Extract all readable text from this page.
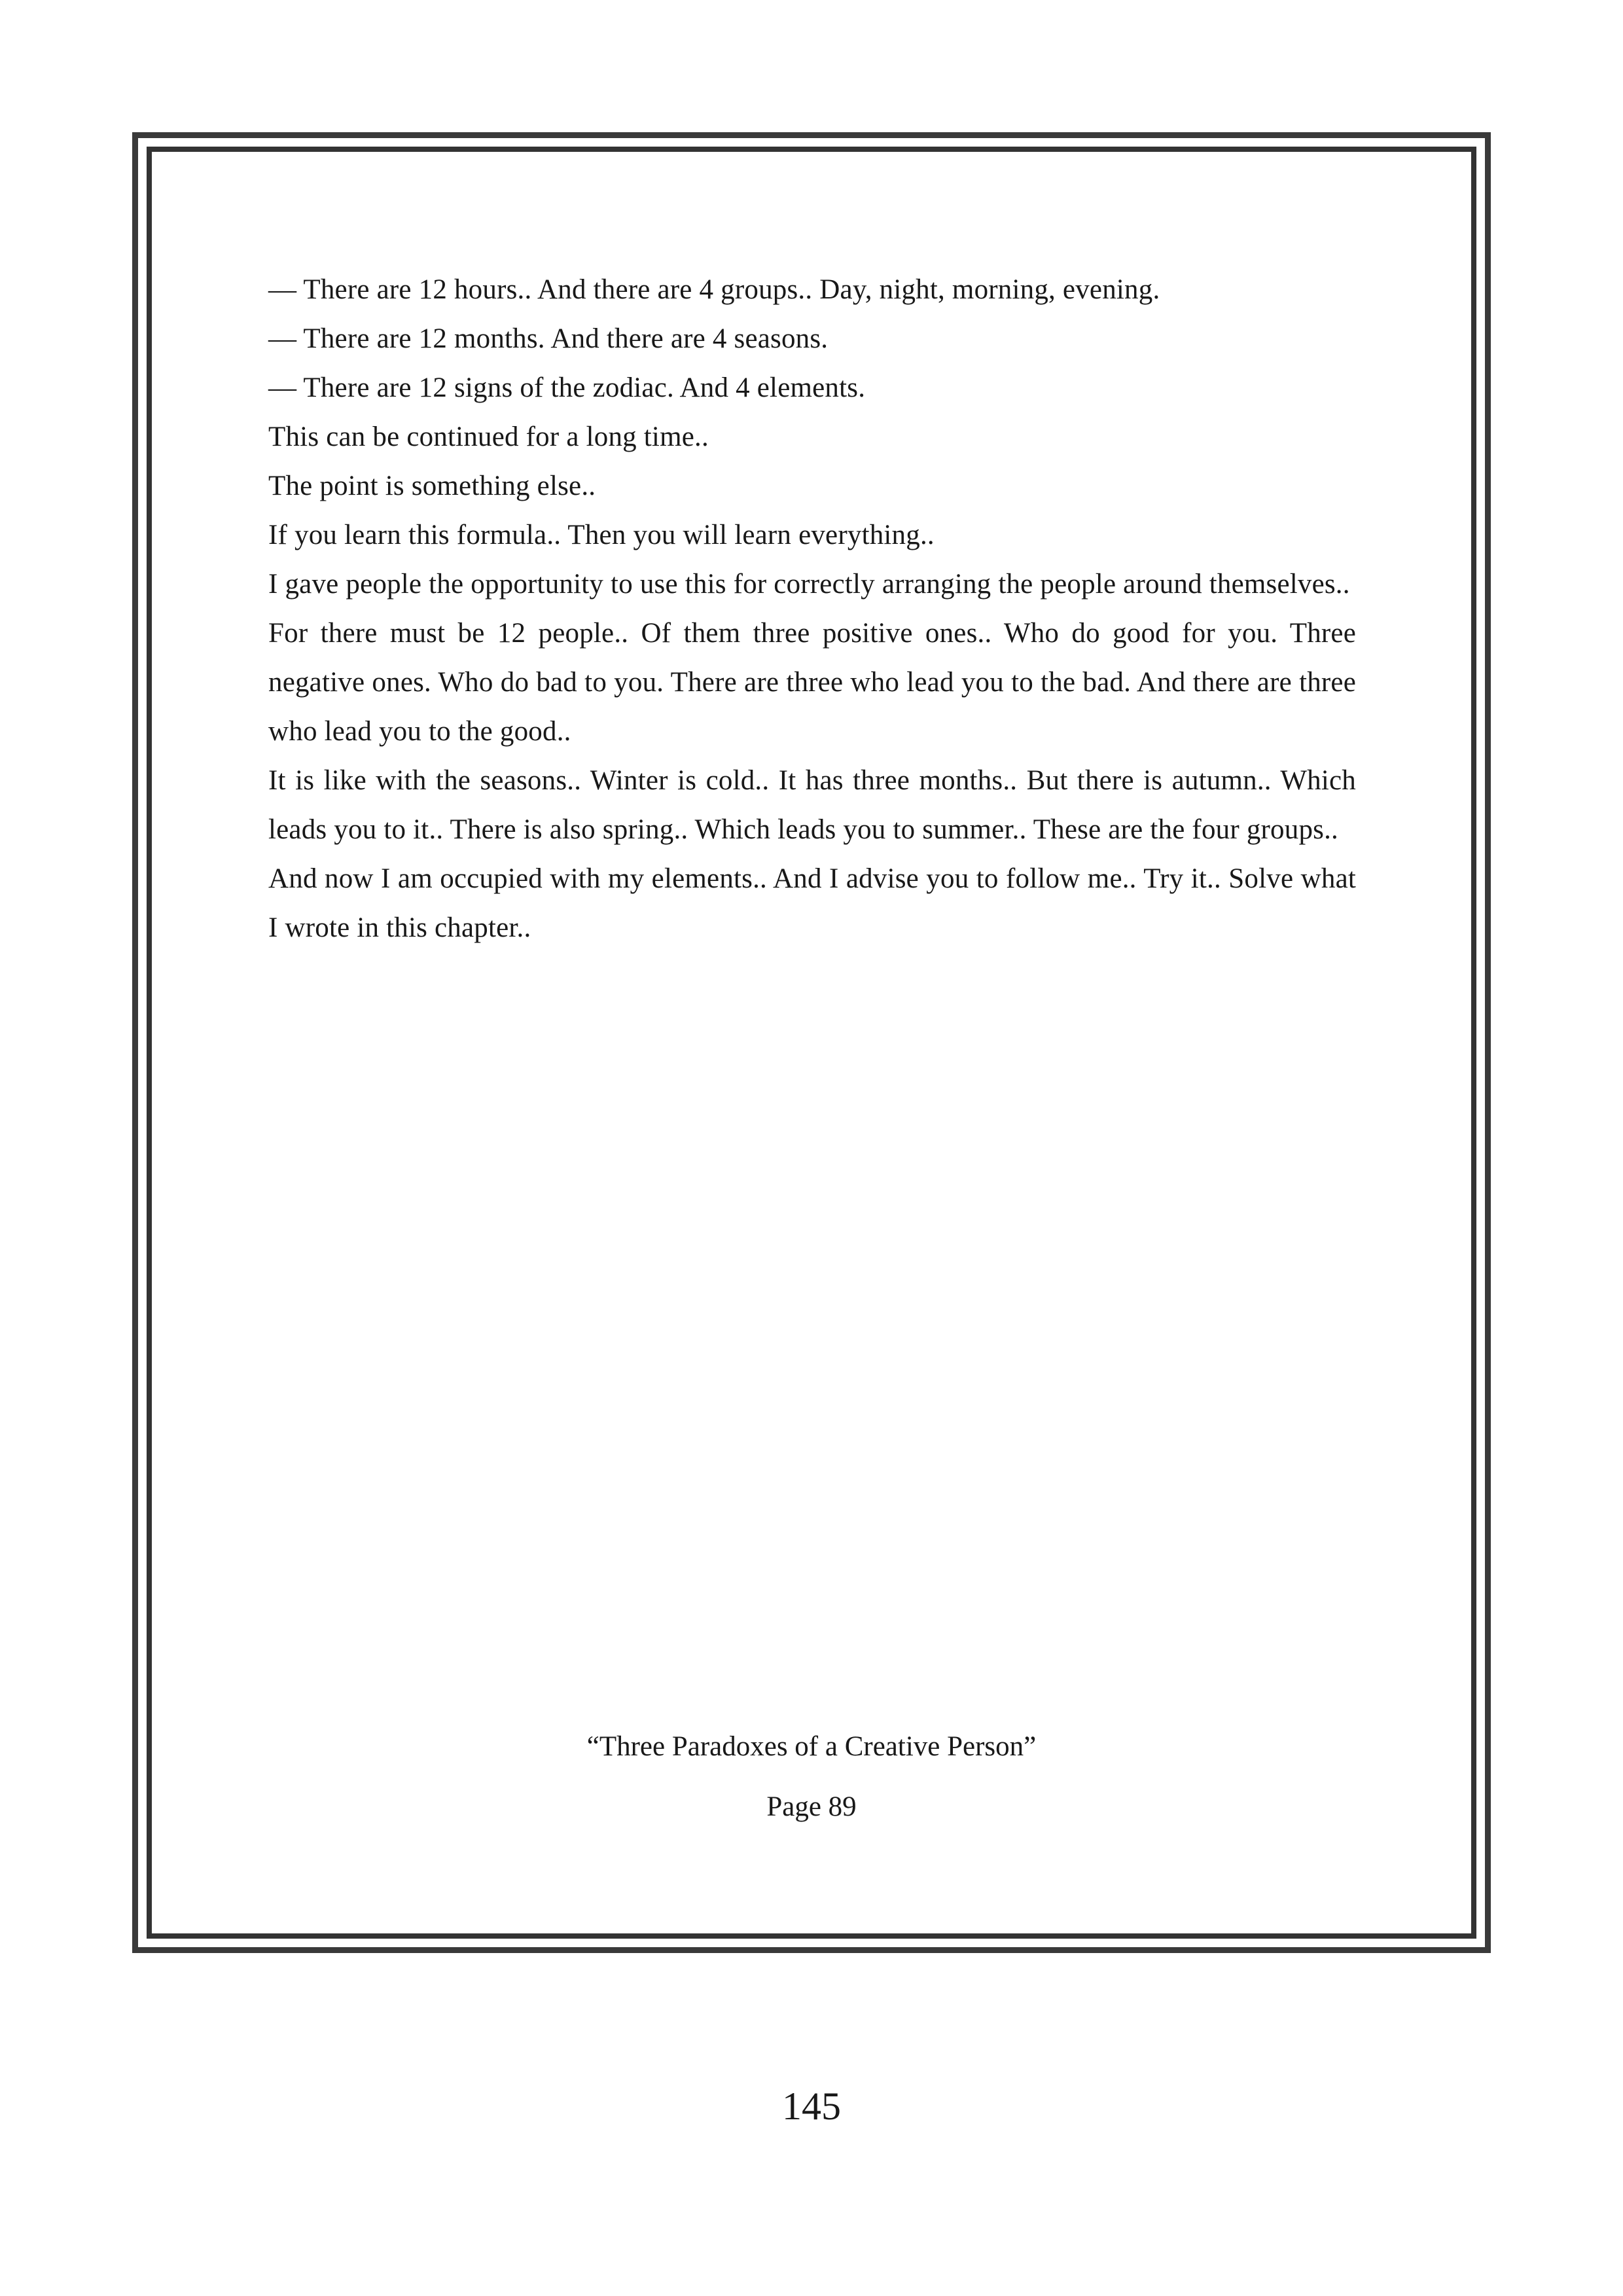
— There are 12 hours.. And there are 4 groups.. Day, night, morning, evening.

— There are 12 months. And there are 4 seasons.

— There are 12 signs of the zodiac. And 4 elements.

This can be continued for a long time..

The point is something else..

If you learn this formula.. Then you will learn everything..

I gave people the opportunity to use this for correctly arranging the people around themselves..

For there must be 12 people.. Of them three positive ones.. Who do good for you. Three negative ones. Who do bad to you. There are three who lead you to the bad. And there are three who lead you to the good..

It is like with the seasons.. Winter is cold.. It has three months.. But there is autumn.. Which leads you to it.. There is also spring.. Which leads you to summer.. These are the four groups..

And now I am occupied with my elements.. And I advise you to follow me.. Try it.. Solve what I wrote in this chapter..

“Three Paradoxes of a Creative Person”
Page 89
145
